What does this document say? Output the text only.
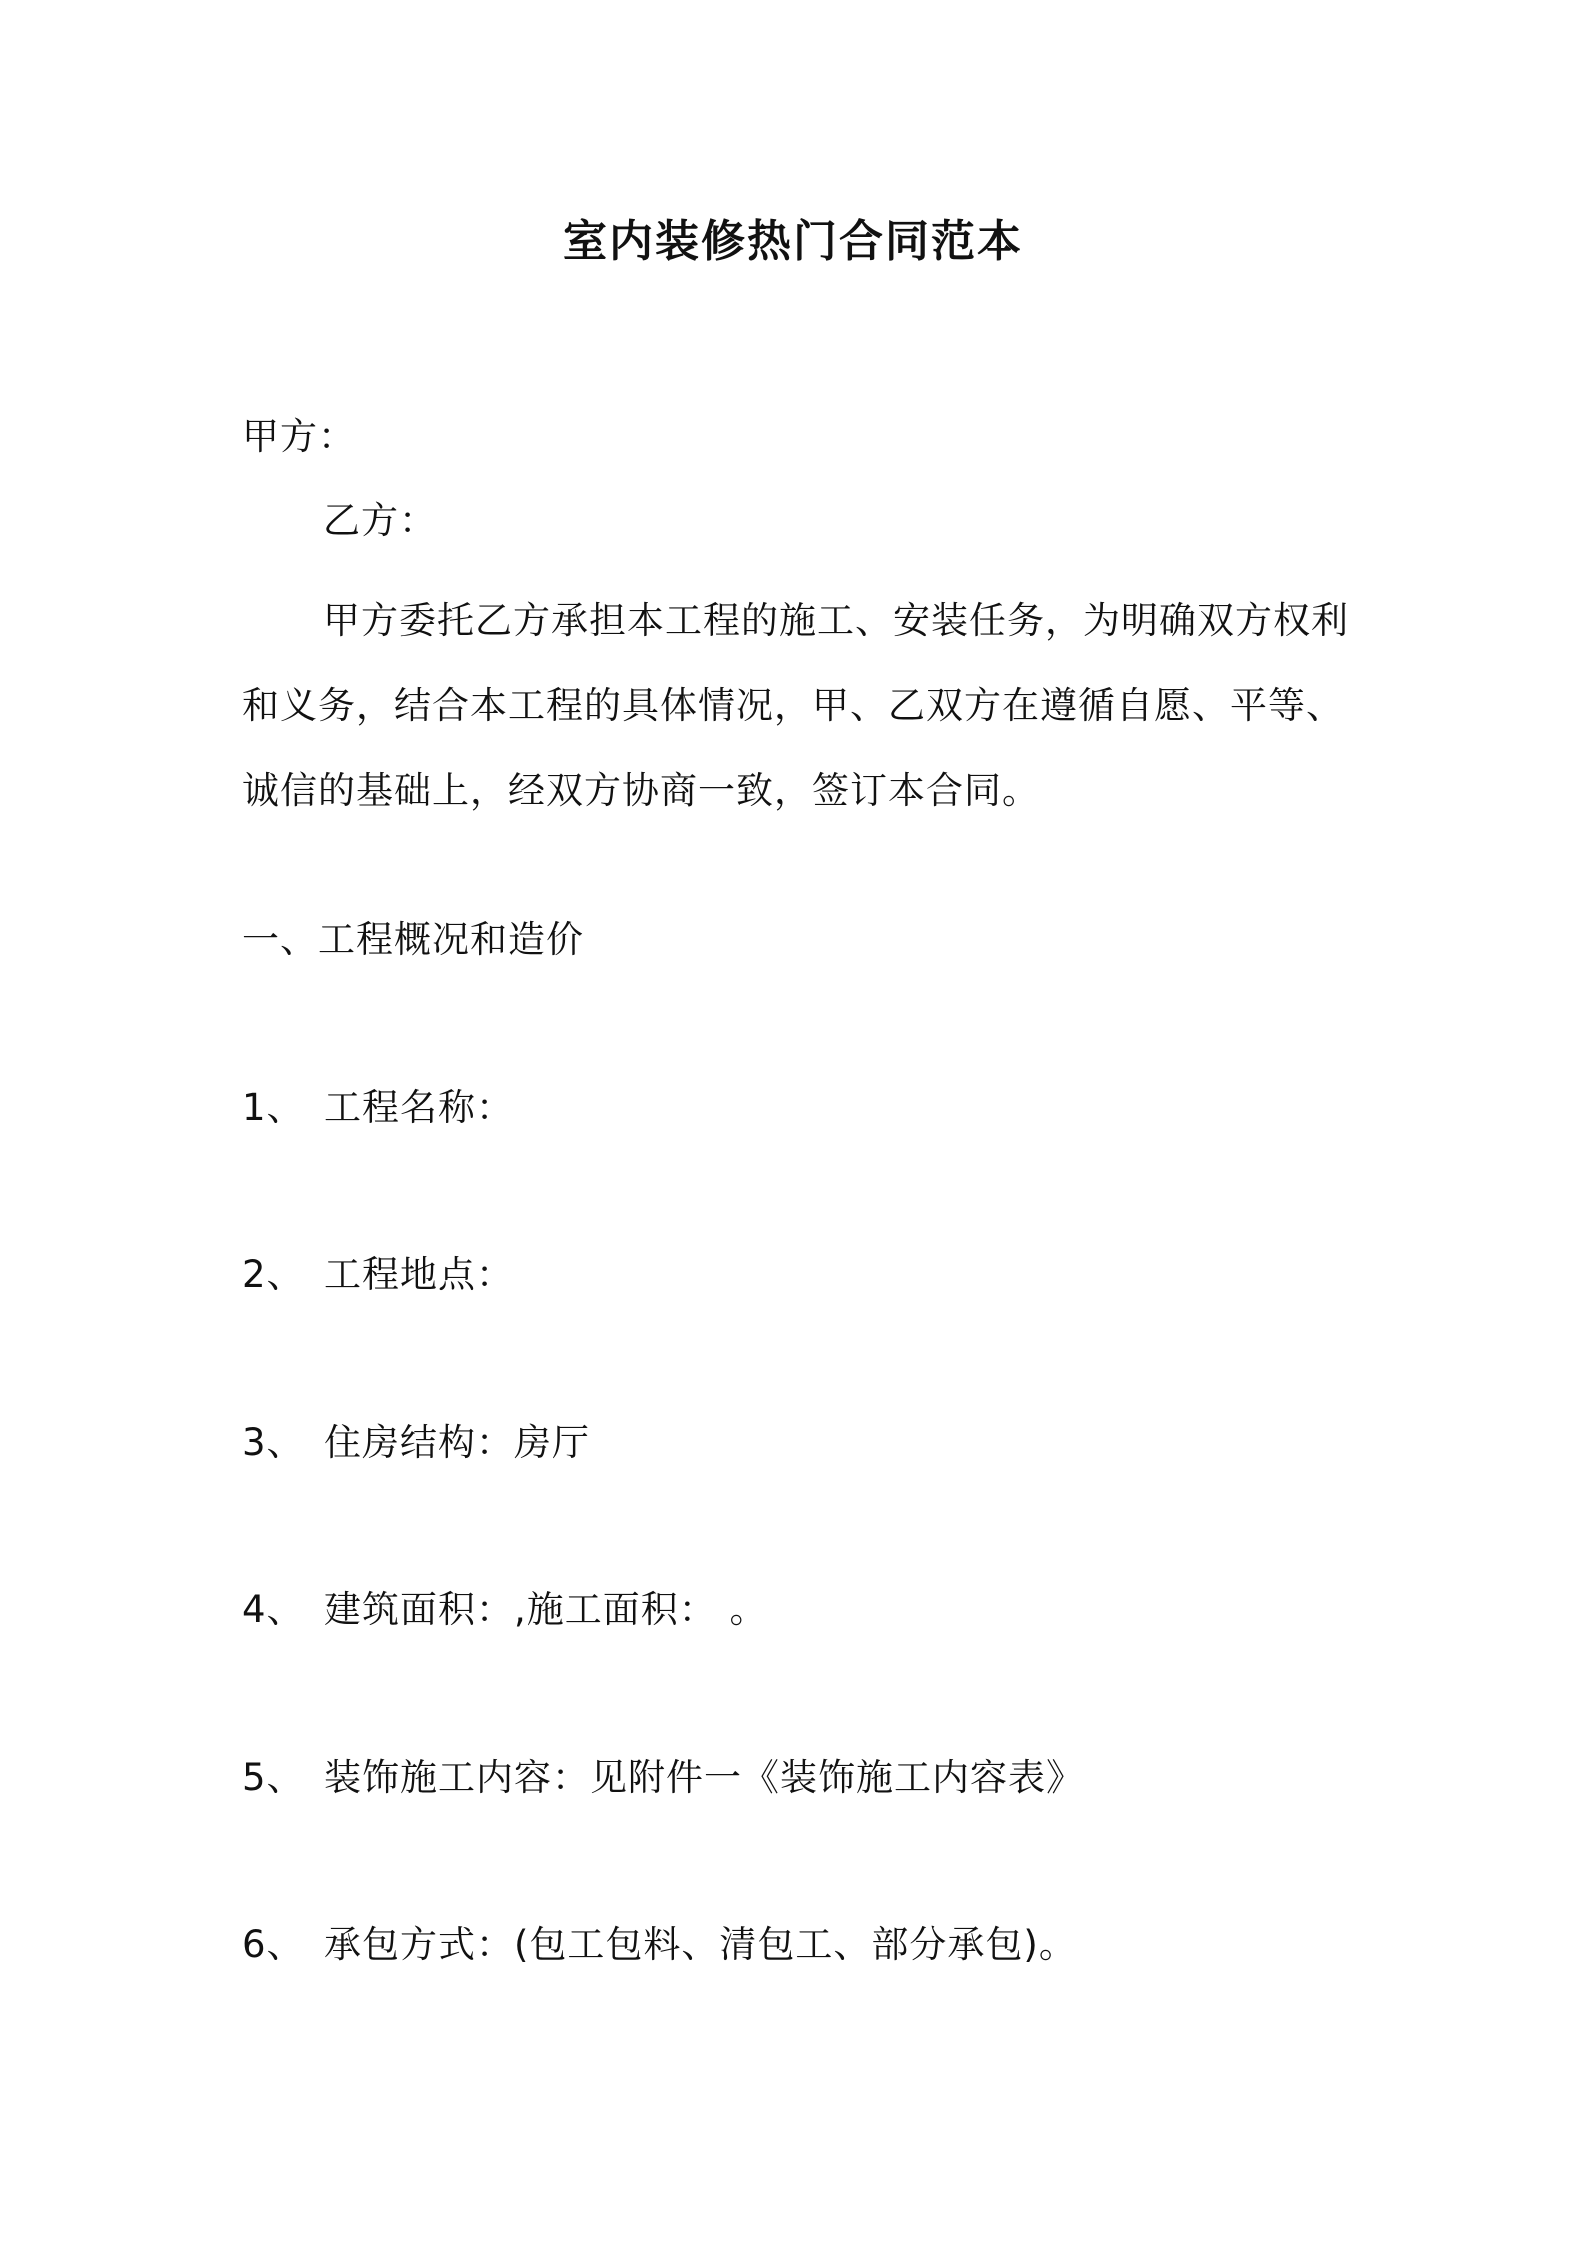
室内装修热门合同范本
甲方：
乙方：
甲方委托乙方承担本工程的施工、安装任务，为明确双方权利和义务，结合本工程的具体情况，甲、乙双方在遵循自愿、平等、诚信的基础上，经双方协商一致，签订本合同。
一、工程概况和造价
1、 工程名称：
2、 工程地点：
3、 住房结构：房厅
4、 建筑面积：,施工面积： 。
5、 装饰施工内容：见附件一《装饰施工内容表》
6、 承包方式：(包工包料、清包工、部分承包)。
